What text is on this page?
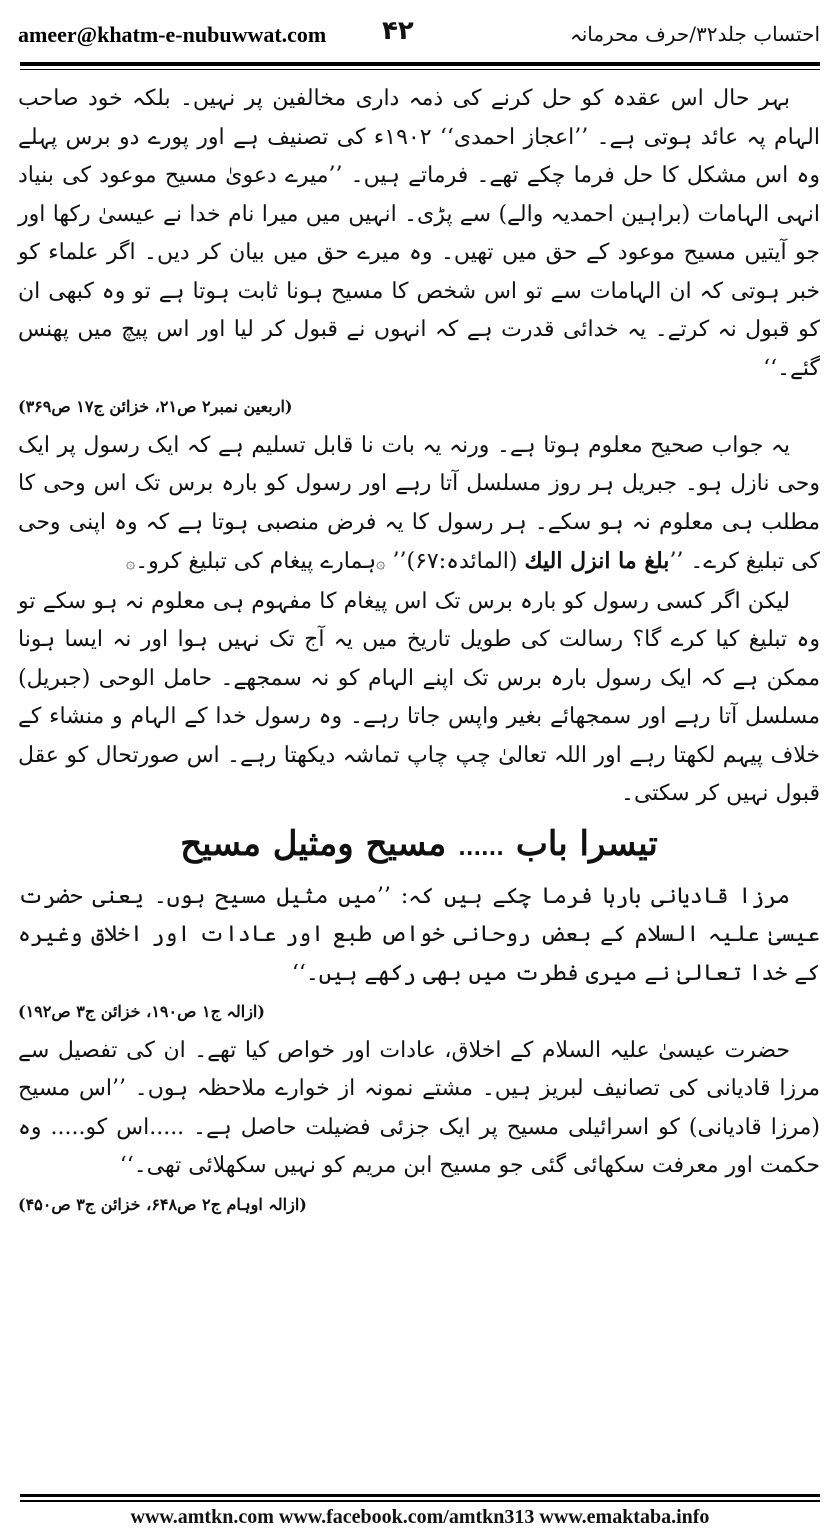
ameer@khatm-e-nubuwwat.com ۴۲	احتساب جلد۳۲/حرف محرمانہ

بہر حال اس عقدہ کو حل کرنے کی ذمہ داری مخالفین پر نہیں۔ بلکہ خود صاحب الہام پہ عائد ہوتی ہے۔ ’’اعجاز احمدی‘‘ ۱۹۰۲ء کی تصنیف ہے اور پورے دو برس پہلے وہ اس مشکل کا حل فرما چکے تھے۔ فرماتے ہیں۔ ’’میرے دعویٰ مسیح موعود کی بنیاد انہی الہامات (براہین احمدیہ والے) سے پڑی۔ انہیں میں میرا نام خدا نے عیسیٰ رکھا اور جو آیتیں مسیح موعود کے حق میں تھیں۔ وہ میرے حق میں بیان کر دیں۔ اگر علماء کو خبر ہوتی کہ ان الہامات سے تو اس شخص کا مسیح ہونا ثابت ہوتا ہے تو وہ کبھی ان کو قبول نہ کرتے۔ یہ خدائی قدرت ہے کہ انہوں نے قبول کر لیا اور اس پیچ میں پھنس گئے۔‘‘

(اربعین نمبر۲ ص۲۱، خزائن ج۱۷ ص۳۶۹)

یہ جواب صحیح معلوم ہوتا ہے۔ ورنہ یہ بات نا قابل تسلیم ہے کہ ایک رسول پر ایک وحی نازل ہو۔ جبریل ہر روز مسلسل آتا رہے اور رسول کو بارہ برس تک اس وحی کا مطلب ہی معلوم نہ ہو سکے۔ ہر رسول کا یہ فرض منصبی ہوتا ہے کہ وہ اپنی وحی کی تبلیغ کرے۔ ’’بلغ ما انزل اليك (المائدہ:۶۷)’’ ۞ہمارے پیغام کی تبلیغ کرو۔۞

لیکن اگر کسی رسول کو بارہ برس تک اس پیغام کا مفہوم ہی معلوم نہ ہو سکے تو وہ تبلیغ کیا کرے گا؟ رسالت کی طویل تاریخ میں یہ آج تک نہیں ہوا اور نہ ایسا ہونا ممکن ہے کہ ایک رسول بارہ برس تک اپنے الہام کو نہ سمجھے۔ حامل الوحی (جبریل) مسلسل آتا رہے اور سمجھائے بغیر واپس جاتا رہے۔ وہ رسول خدا کے الہام و منشاء کے خلاف پیہم لکھتا رہے اور اللہ تعالیٰ چپ چاپ تماشہ دیکھتا رہے۔ اس صورتحال کو عقل قبول نہیں کر سکتی۔

تیسرا باب......مسیح ومثیل مسیح

مرزا قادیانی بارہا فرما چکے ہیں کہ: ’’میں مثیل مسیح ہوں۔ یعنی حضرت عیسیٰ علیہ السلام کے بعض روحانی خواص طبع اور عادات اور اخلاق وغیرہ کے خدا تعالیٰ نے میری فطرت میں بھی رکھے ہیں۔‘‘

(ازالہ ج۱ ص۱۹۰، خزائن ج۳ ص۱۹۲)

حضرت عیسیٰ علیہ السلام کے اخلاق، عادات اور خواص کیا تھے۔ ان کی تفصیل سے مرزا قادیانی کی تصانیف لبریز ہیں۔ مشتے نمونہ از خوارے ملاحظہ ہوں۔ ’’اس مسیح (مرزا قادیانی) کو اسرائیلی مسیح پر ایک جزئی فضیلت حاصل ہے۔ .....اس کو..... وہ حکمت اور معرفت سکھائی گئی جو مسیح ابن مریم کو نہیں سکھلائی تھی۔‘‘

(ازالہ اوہام ج۲ ص۶۴۸، خزائن ج۳ ص۴۵۰)
www.amtkn.com www.facebook.com/amtkn313 www.emaktaba.info
